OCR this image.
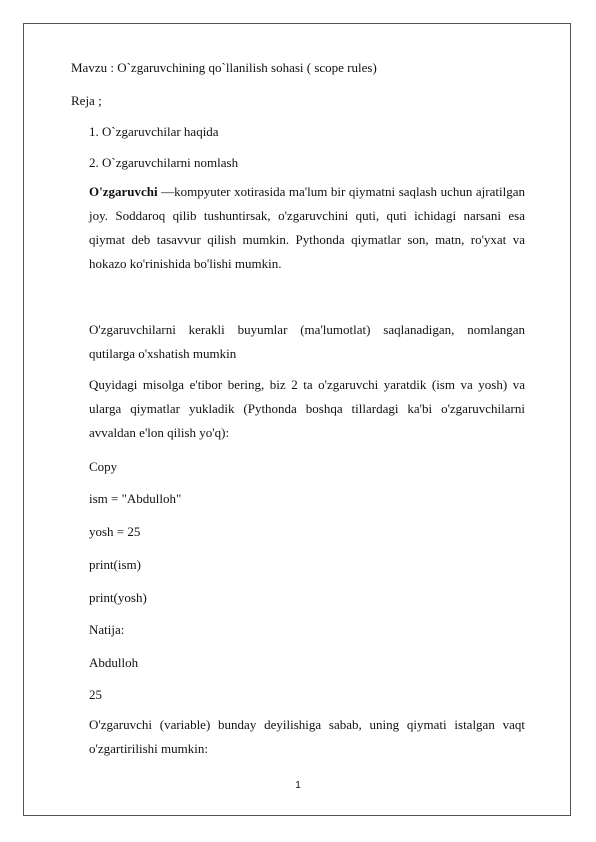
Mavzu : O`zgaruvchining qo`llanilish sohasi ( scope rules)
Reja ;
1. O`zgaruvchilar haqida
2. O`zgaruvchilarni nomlash

O'zgaruvchi —kompyuter xotirasida ma'lum bir qiymatni saqlash uchun ajratilgan joy. Soddaroq qilib tushuntirsak, o'zgaruvchini quti, quti ichidagi narsani esa qiymat deb tasavvur qilish mumkin. Pythonda qiymatlar son, matn, ro'yxat va hokazo ko'rinishida bo'lishi mumkin.

O'zgaruvchilarni kerakli buyumlar (ma'lumotlat) saqlanadigan, nomlangan qutilarga o'xshatish mumkin

Quyidagi misolga e'tibor bering, biz 2 ta o'zgaruvchi yaratdik (ism va yosh) va ularga qiymatlar yukladik (Pythonda boshqa tillardagi ka'bi o'zgaruvchilarni avvaldan e'lon qilish yo'q):

Copy
ism = "Abdulloh"
yosh = 25
print(ism)
print(yosh)
Natija:
Abdulloh
25

O'zgaruvchi (variable) bunday deyilishiga sabab, uning qiymati istalgan vaqt o'zgartirilishi mumkin:

1
